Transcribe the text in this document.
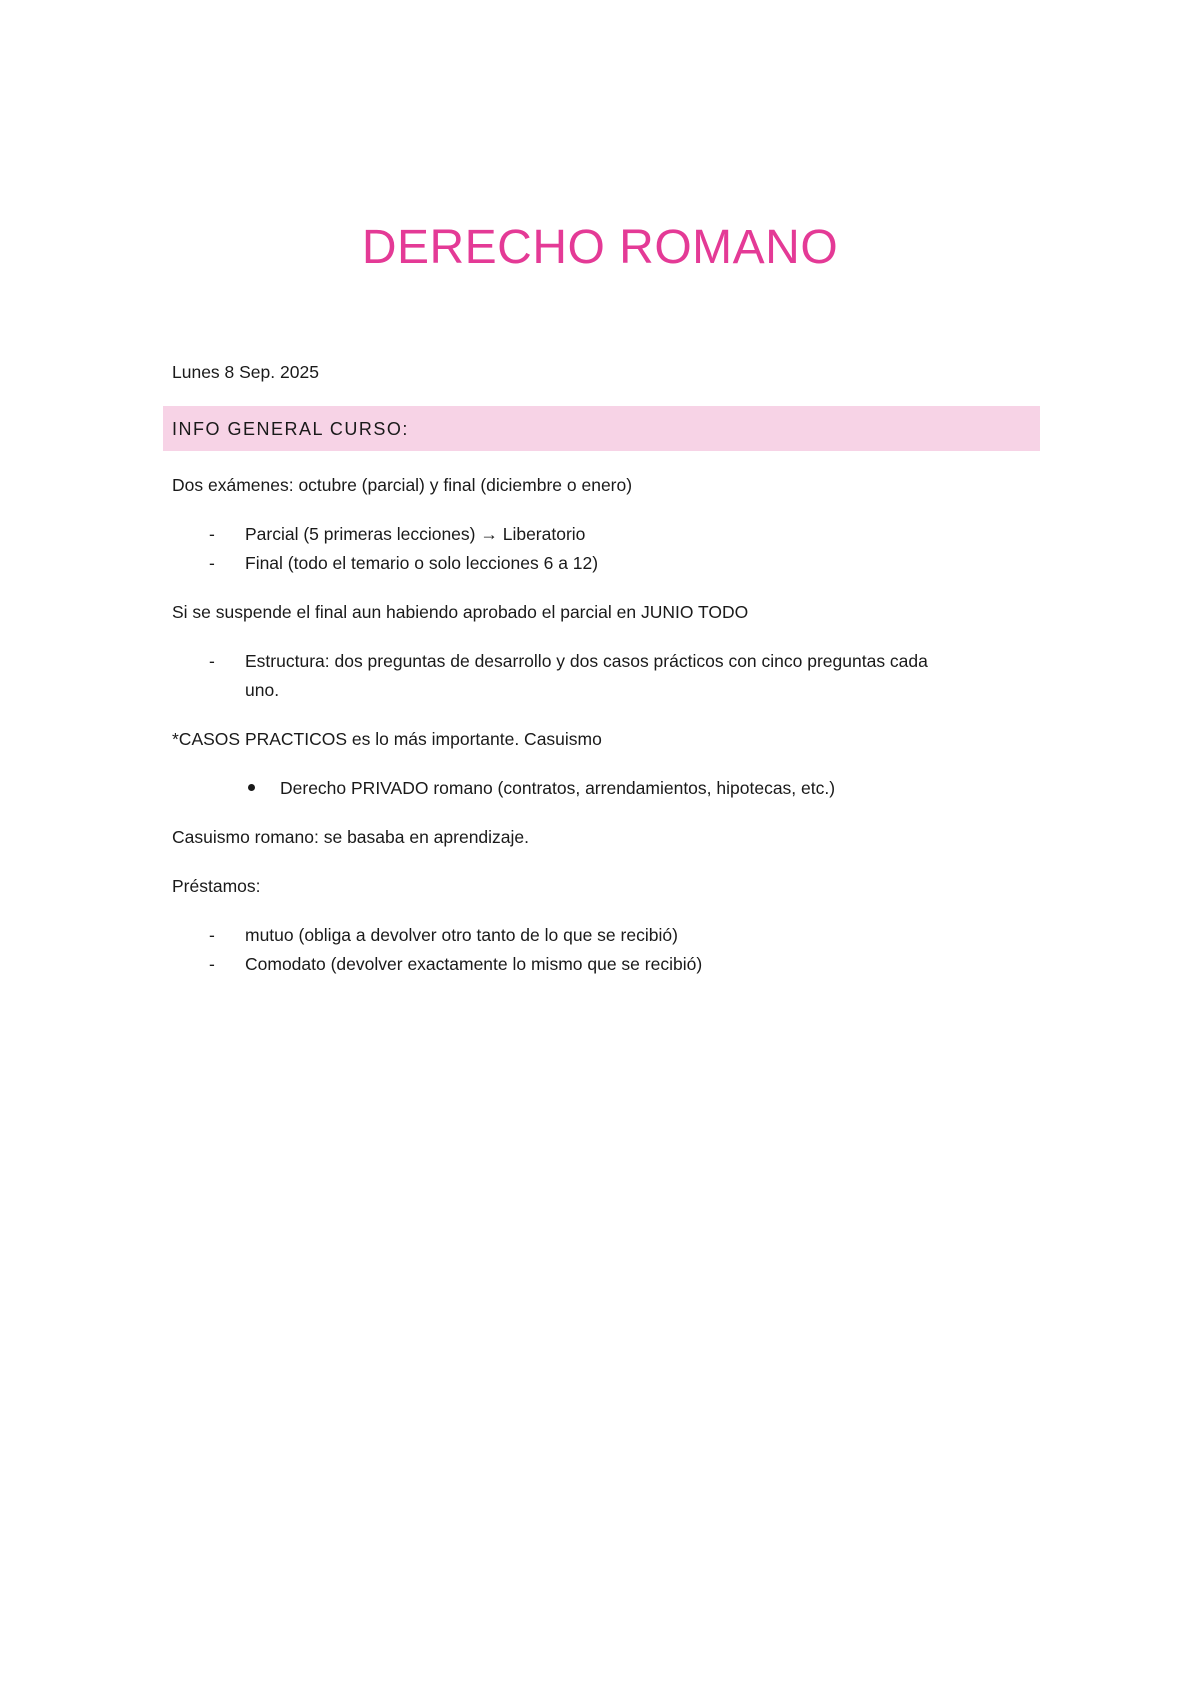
DERECHO ROMANO
Lunes 8 Sep. 2025
INFO GENERAL CURSO:
Dos exámenes: octubre (parcial) y final (diciembre o enero)
- Parcial (5 primeras lecciones) → Liberatorio
- Final (todo el temario o solo lecciones 6 a 12)
Si se suspende el final aun habiendo aprobado el parcial en JUNIO TODO
- Estructura: dos preguntas de desarrollo y dos casos prácticos con cinco preguntas cada
uno.
*CASOS PRACTICOS es lo más importante. Casuismo
Derecho PRIVADO romano (contratos, arrendamientos, hipotecas, etc.)
Casuismo romano: se basaba en aprendizaje.
Préstamos:
- mutuo (obliga a devolver otro tanto de lo que se recibió)
- Comodato (devolver exactamente lo mismo que se recibió)
